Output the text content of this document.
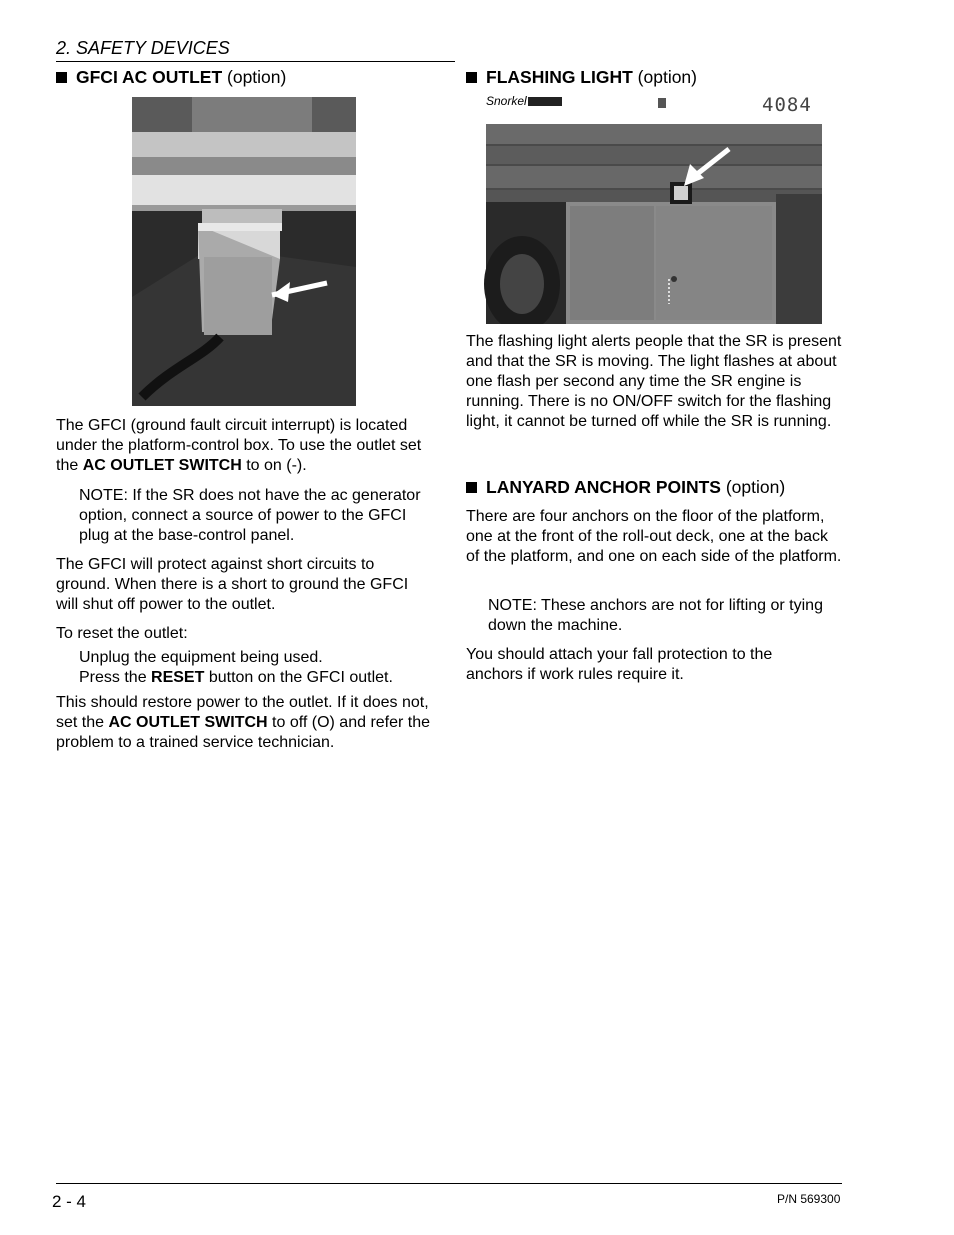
2. SAFETY DEVICES
GFCI AC OUTLET (option)
The GFCI (ground fault circuit interrupt) is located under the platform-control box. To use the outlet set the AC OUTLET SWITCH to on (-).
NOTE: If the SR does not have the ac generator option, connect a source of power to the GFCI plug at the base-control panel.
The GFCI will protect against short circuits to ground. When there is a short to ground the GFCI will shut off power to the outlet.
To reset the outlet:
Unplug the equipment being used.
Press the RESET button on the GFCI outlet.
This should restore power to the outlet. If it does not, set the AC OUTLET SWITCH to off (O) and refer the problem to a trained service technician.
FLASHING LIGHT (option)
Snorkel	4084
The flashing light alerts people that the SR is present and that the SR is moving. The light flashes at about one flash per second any time the SR engine is running. There is no ON/OFF switch for the flashing light, it cannot be turned off while the SR is running.
LANYARD ANCHOR POINTS (option)
There are four anchors on the floor of the platform, one at the front of the roll-out deck, one at the back of the platform, and one on each side of the platform.
NOTE: These anchors are not for lifting or tying down the machine.
You should attach your fall protection to the anchors if work rules require it.
2 - 4	P/N 569300
